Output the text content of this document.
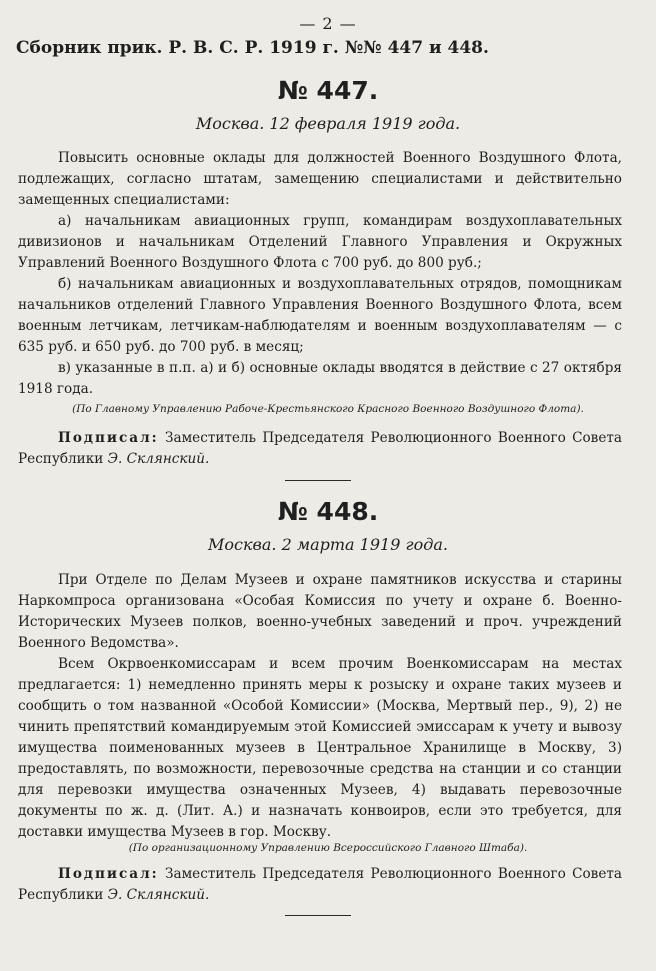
— 2 —
Сборник прик. Р. В. С. Р. 1919 г. №№ 447 и 448.
№ 447.
Москва. 12 февраля 1919 года.
Повысить основные оклады для должностей Военного Воздушного Флота, подлежащих, согласно штатам, замещению специалистами и действительно замещенных специалистами:
а) начальникам авиационных групп, командирам воздухоплавательных дивизионов и начальникам Отделений Главного Управления и Окружных Управлений Военного Воздушного Флота с 700 руб. до 800 руб.;
б) начальникам авиационных и воздухоплавательных отрядов, помощникам начальников отделений Главного Управления Военного Воздушного Флота, всем военным летчикам, летчикам-наблюдателям и военным воздухоплавателям — с 635 руб. и 650 руб. до 700 руб. в месяц;
в) указанные в п.п. а) и б) основные оклады вводятся в действие с 27 октября 1918 года.
(По Главному Управлению Рабоче-Крестьянского Красного Военного Воздушного Флота).
Подписал: Заместитель Председателя Революционного Военного Совета Республики Э. Склянский.
№ 448.
Москва. 2 марта 1919 года.
При Отделе по Делам Музеев и охране памятников искусства и старины Наркомпроса организована «Особая Комиссия по учету и охране б. Военно-Исторических Музеев полков, военно-учебных заведений и проч. учреждений Военного Ведомства».
Всем Окрвоенкомиссарам и всем прочим Военкомиссарам на местах предлагается: 1) немедленно принять меры к розыску и охране таких музеев и сообщить о том названной «Особой Комиссии» (Москва, Мертвый пер., 9), 2) не чинить препятствий командируемым этой Комиссией эмиссарам к учету и вывозу имущества поименованных музеев в Центральное Хранилище в Москву, 3) предоставлять, по возможности, перевозочные средства на станции и со станции для перевозки имущества означенных Музеев, 4) выдавать перевозочные документы по ж. д. (Лит. А.) и назначать конвоиров, если это требуется, для доставки имущества Музеев в гор. Москву.
(По организационному Управлению Всероссийского Главного Штаба).
Подписал: Заместитель Председателя Революционного Военного Совета Республики Э. Склянский.
